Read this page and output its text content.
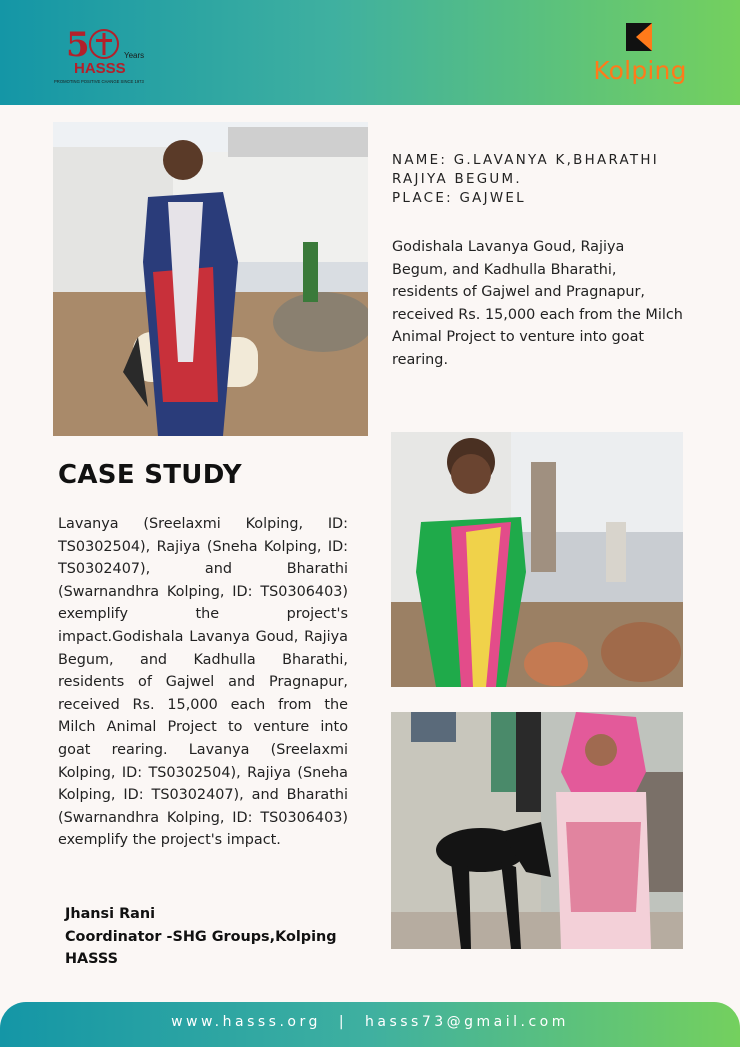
5	Years
HASSS
PROMOTING POSITIVE CHANGE SINCE 1973	Kolping
NAME: G.LAVANYA K,BHARATHI RAJIYA BEGUM.
PLACE: GAJWEL
Godishala Lavanya Goud, Rajiya Begum, and Kadhulla Bharathi, residents of Gajwel and Pragnapur, received Rs. 15,000 each from the Milch Animal Project to venture into goat rearing.
CASE STUDY
Lavanya (Sreelaxmi Kolping, ID: TS0302504), Rajiya (Sneha Kolping, ID: TS0302407), and Bharathi (Swarnandhra Kolping, ID: TS0306403) exemplify the project's impact.Godishala Lavanya Goud, Rajiya Begum, and Kadhulla Bharathi, residents of Gajwel and Pragnapur, received Rs. 15,000 each from the Milch Animal Project to venture into goat rearing. Lavanya (Sreelaxmi Kolping, ID: TS0302504), Rajiya (Sneha Kolping, ID: TS0302407), and Bharathi (Swarnandhra Kolping, ID: TS0306403) exemplify the project's impact.
Jhansi Rani
Coordinator -SHG Groups,Kolping
HASSS
www.hasss.org | hasss73@gmail.com
